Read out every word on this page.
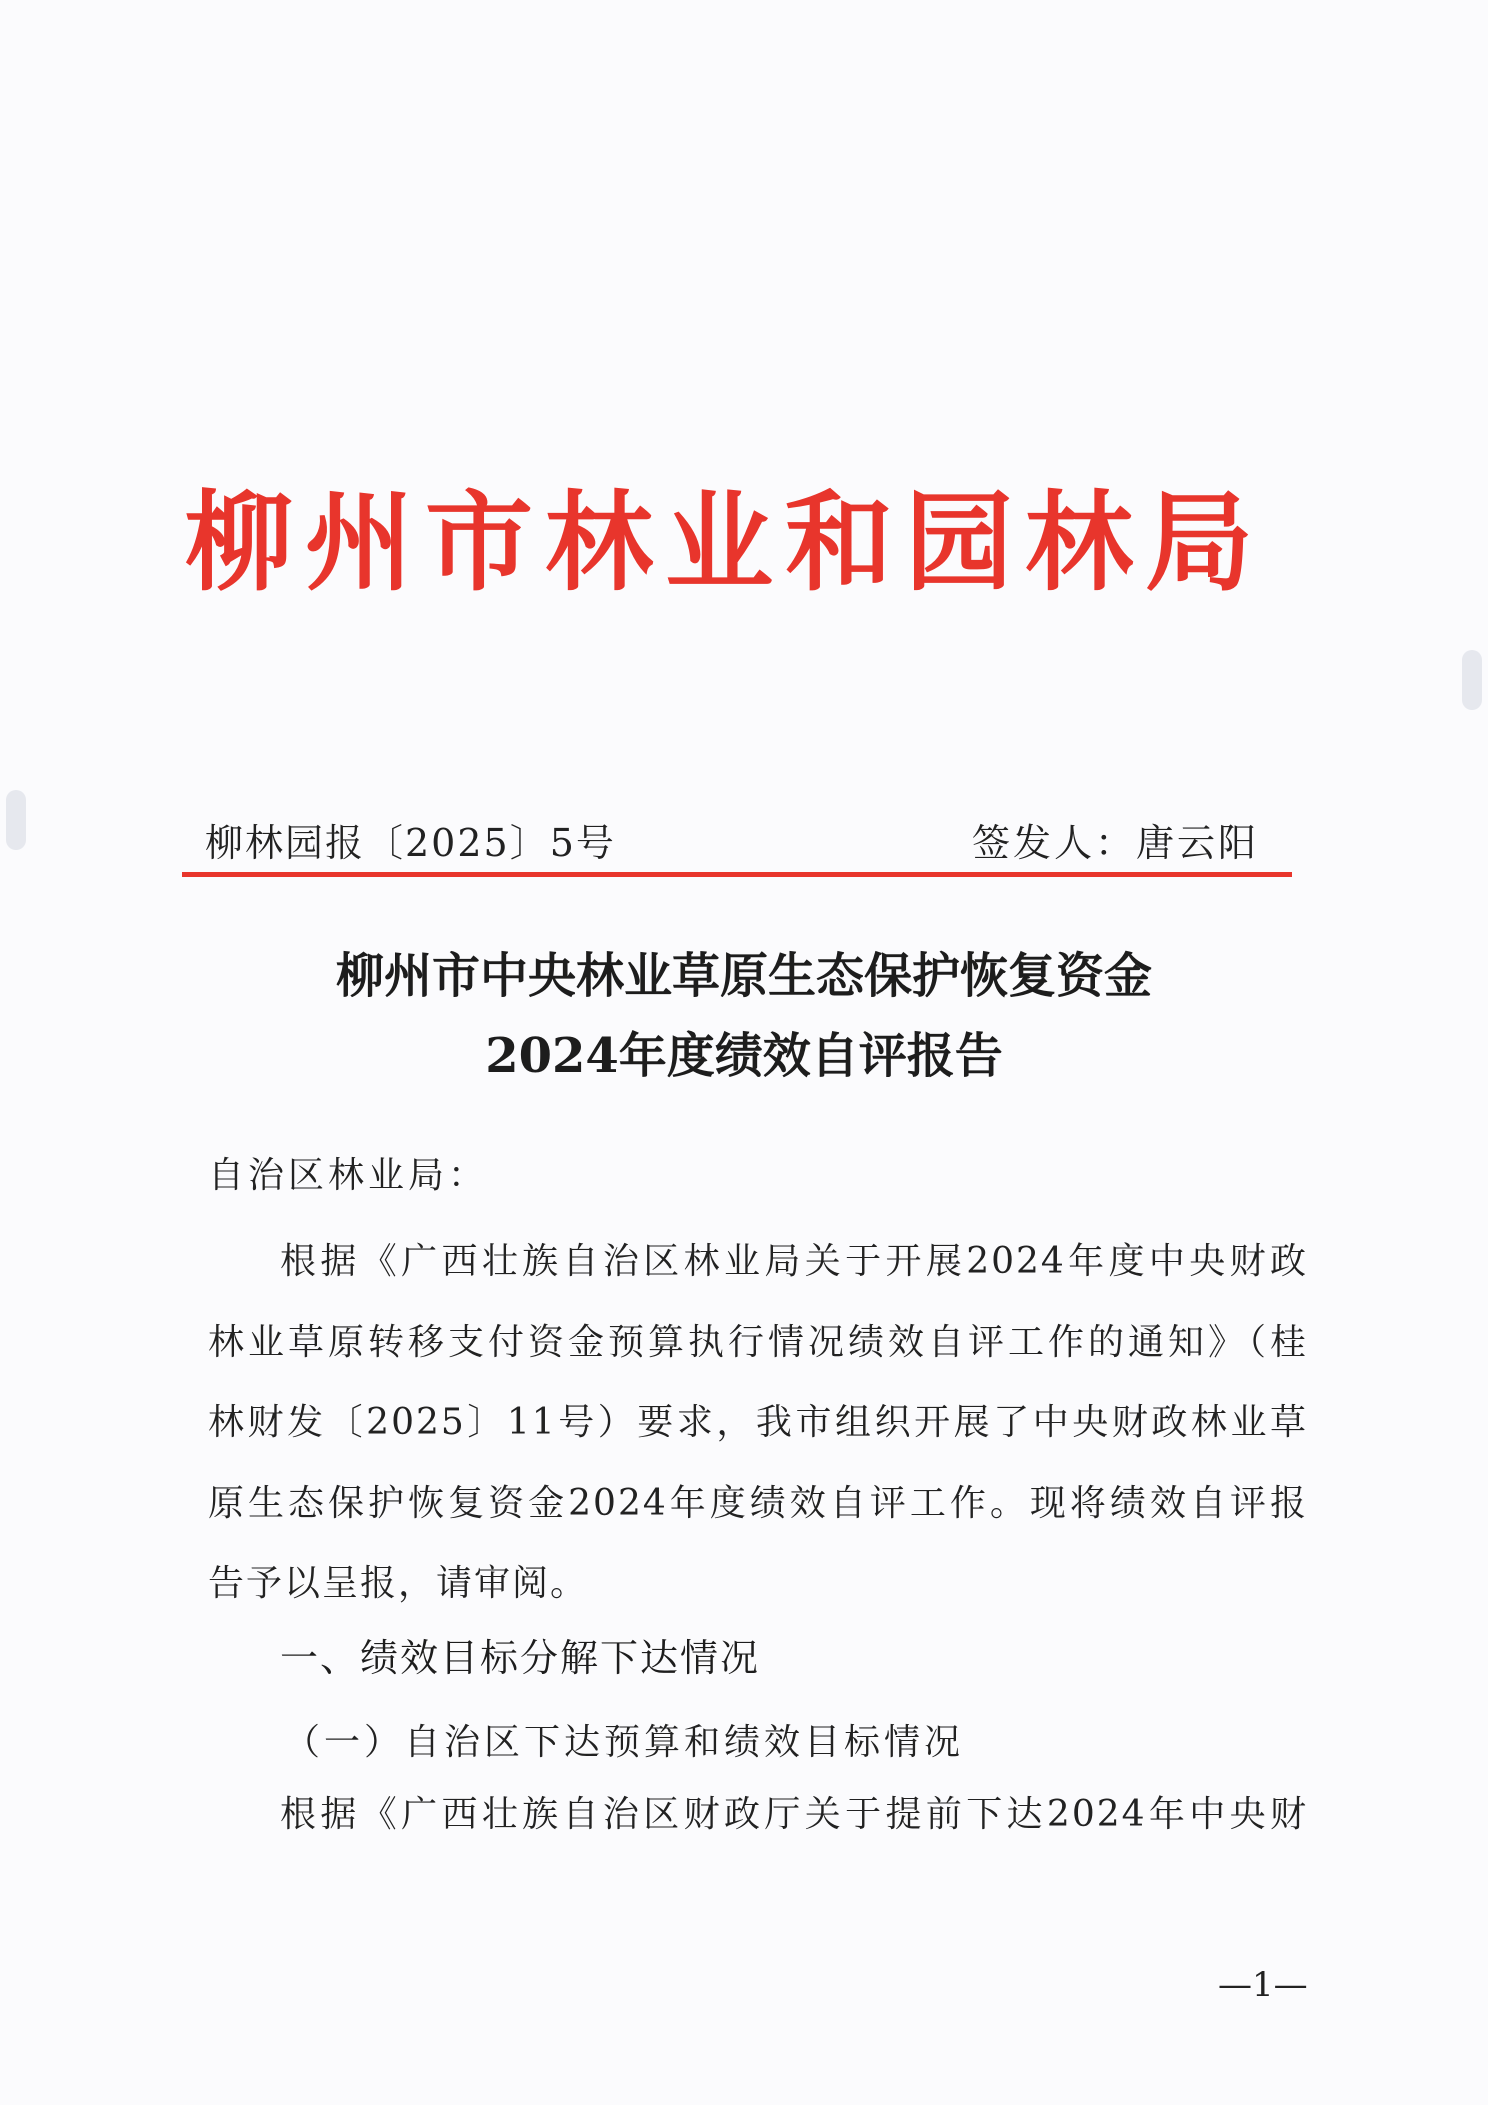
柳州市林业和园林局
柳林园报〔2025〕5号	签发人：唐云阳
柳州市中央林业草原生态保护恢复资金
2024年度绩效自评报告
自治区林业局：
根据《广西壮族自治区林业局关于开展2024年度中央财政
林业草原转移支付资金预算执行情况绩效自评工作的通知》（桂
林财发〔2025〕11号）要求，我市组织开展了中央财政林业草
原生态保护恢复资金2024年度绩效自评工作。现将绩效自评报
告予以呈报，请审阅。
一、绩效目标分解下达情况
（一）自治区下达预算和绩效目标情况
根据《广西壮族自治区财政厅关于提前下达2024年中央财
—1—
